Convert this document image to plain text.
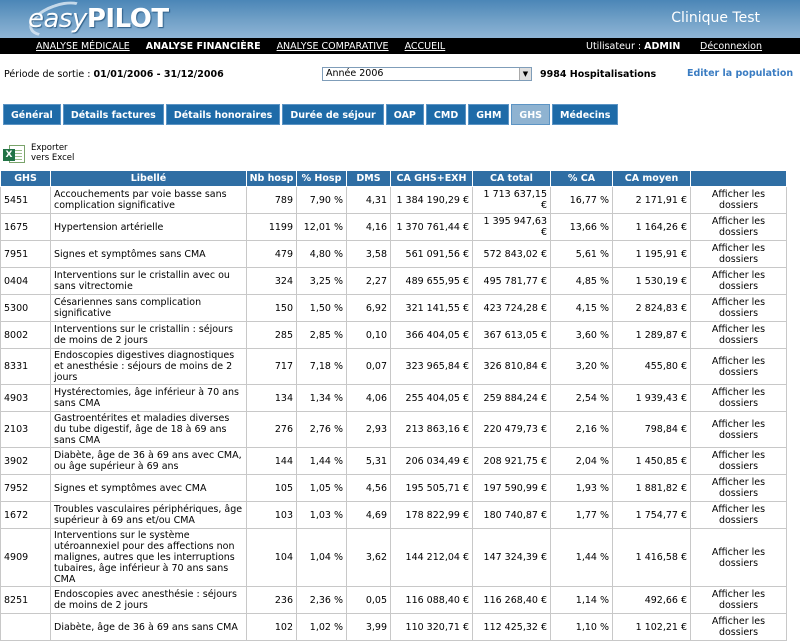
easyPILOT	Clinique Test
ANALYSE MÉDICALE ANALYSE FINANCIÈRE ANALYSE COMPARATIVE ACCUEIL	Utilisateur : ADMIN Déconnexion
Période de sortie : 01/01/2006 - 31/12/2006	Année 2006	▼ 9984 Hospitalisations	Editer la population
Général	Détails factures	Détails honoraires	Durée de séjour	OAP	CMD	GHM	GHS	Médecins
X
Exporter
vers Excel
GHS	Libellé	Nb hosp	% Hosp	DMS	CA GHS+EXH	CA total	% CA	CA moyen	
5451	Accouchements par voie basse sans complication significative	789	7,90 %	4,31	1 384 190,29 €	1 713 637,15 €	16,77 %	2 171,91 €	Afficher les dossiers
1675	Hypertension artérielle	1199	12,01 %	4,16	1 370 761,44 €	1 395 947,63 €	13,66 %	1 164,26 €	Afficher les dossiers
7951	Signes et symptômes sans CMA	479	4,80 %	3,58	561 091,56 €	572 843,02 €	5,61 %	1 195,91 €	Afficher les dossiers
0404	Interventions sur le cristallin avec ou sans vitrectomie	324	3,25 %	2,27	489 655,95 €	495 781,77 €	4,85 %	1 530,19 €	Afficher les dossiers
5300	Césariennes sans complication significative	150	1,50 %	6,92	321 141,55 €	423 724,28 €	4,15 %	2 824,83 €	Afficher les dossiers
8002	Interventions sur le cristallin : séjours de moins de 2 jours	285	2,85 %	0,10	366 404,05 €	367 613,05 €	3,60 %	1 289,87 €	Afficher les dossiers
8331	Endoscopies digestives diagnostiques et anesthésie : séjours de moins de 2 jours	717	7,18 %	0,07	323 965,84 €	326 810,84 €	3,20 %	455,80 €	Afficher les dossiers
4903	Hystérectomies, âge inférieur à 70 ans sans CMA	134	1,34 %	4,06	255 404,05 €	259 884,24 €	2,54 %	1 939,43 €	Afficher les dossiers
2103	Gastroentérites et maladies diverses du tube digestif, âge de 18 à 69 ans sans CMA	276	2,76 %	2,93	213 863,16 €	220 479,73 €	2,16 %	798,84 €	Afficher les dossiers
3902	Diabète, âge de 36 à 69 ans avec CMA, ou âge supérieur à 69 ans	144	1,44 %	5,31	206 034,49 €	208 921,75 €	2,04 %	1 450,85 €	Afficher les dossiers
7952	Signes et symptômes avec CMA	105	1,05 %	4,56	195 505,71 €	197 590,99 €	1,93 %	1 881,82 €	Afficher les dossiers
1672	Troubles vasculaires périphériques, âge supérieur à 69 ans et/ou CMA	103	1,03 %	4,69	178 822,99 €	180 740,87 €	1,77 %	1 754,77 €	Afficher les dossiers
4909	Interventions sur le système utéroannexiel pour des affections non malignes, autres que les interruptions tubaires, âge inférieur à 70 ans sans CMA	104	1,04 %	3,62	144 212,04 €	147 324,39 €	1,44 %	1 416,58 €	Afficher les dossiers
8251	Endoscopies avec anesthésie : séjours de moins de 2 jours	236	2,36 %	0,05	116 088,40 €	116 268,40 €	1,14 %	492,66 €	Afficher les dossiers
	Diabète, âge de 36 à 69 ans sans CMA	102	1,02 %	3,99	110 320,71 €	112 425,32 €	1,10 %	1 102,21 €	Afficher les dossiers
